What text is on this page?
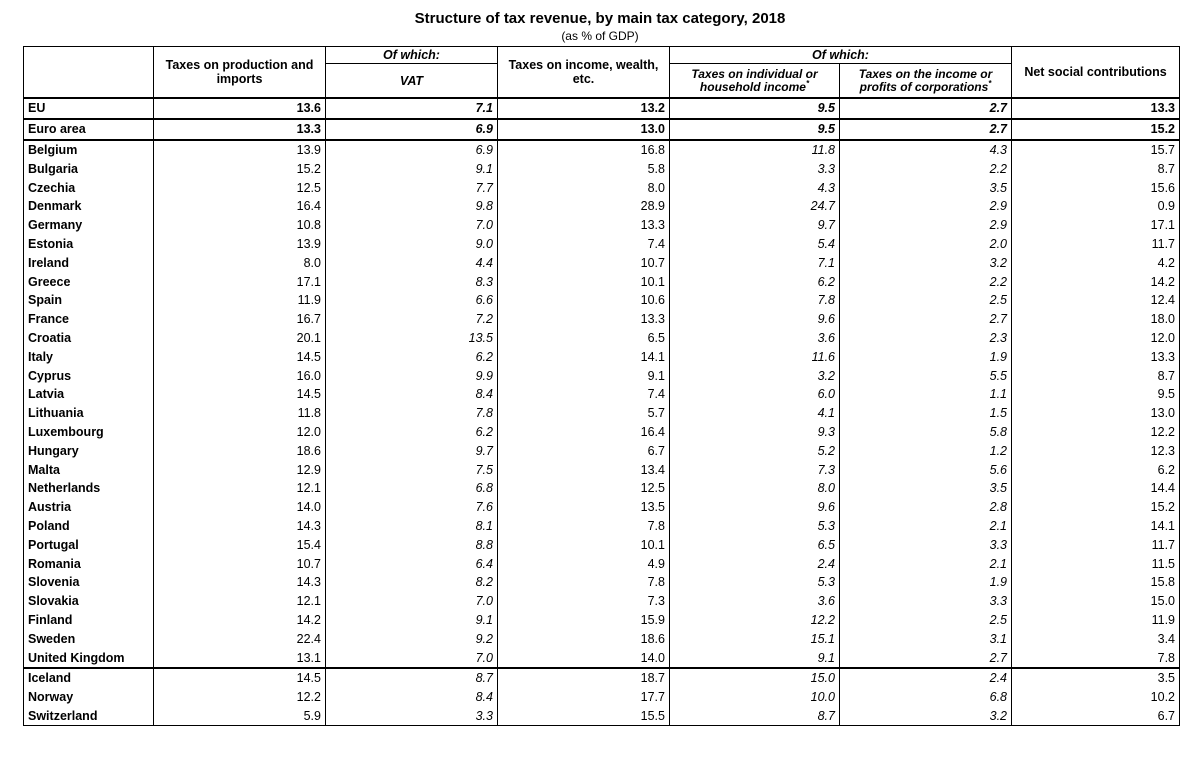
Structure of tax revenue, by main tax category, 2018
(as % of GDP)
	Taxes on production and imports	Of which:	Taxes on income, wealth, etc.	Of which:		Net social contributions
		VAT		Taxes on individual or household income*	Taxes on the income or profits of corporations*
EU	13.6	7.1	13.2	9.5	2.7	13.3
Euro area	13.3	6.9	13.0	9.5	2.7	15.2
Belgium	13.9	6.9	16.8	11.8	4.3	15.7
Bulgaria	15.2	9.1	5.8	3.3	2.2	8.7
Czechia	12.5	7.7	8.0	4.3	3.5	15.6
Denmark	16.4	9.8	28.9	24.7	2.9	0.9
Germany	10.8	7.0	13.3	9.7	2.9	17.1
Estonia	13.9	9.0	7.4	5.4	2.0	11.7
Ireland	8.0	4.4	10.7	7.1	3.2	4.2
Greece	17.1	8.3	10.1	6.2	2.2	14.2
Spain	11.9	6.6	10.6	7.8	2.5	12.4
France	16.7	7.2	13.3	9.6	2.7	18.0
Croatia	20.1	13.5	6.5	3.6	2.3	12.0
Italy	14.5	6.2	14.1	11.6	1.9	13.3
Cyprus	16.0	9.9	9.1	3.2	5.5	8.7
Latvia	14.5	8.4	7.4	6.0	1.1	9.5
Lithuania	11.8	7.8	5.7	4.1	1.5	13.0
Luxembourg	12.0	6.2	16.4	9.3	5.8	12.2
Hungary	18.6	9.7	6.7	5.2	1.2	12.3
Malta	12.9	7.5	13.4	7.3	5.6	6.2
Netherlands	12.1	6.8	12.5	8.0	3.5	14.4
Austria	14.0	7.6	13.5	9.6	2.8	15.2
Poland	14.3	8.1	7.8	5.3	2.1	14.1
Portugal	15.4	8.8	10.1	6.5	3.3	11.7
Romania	10.7	6.4	4.9	2.4	2.1	11.5
Slovenia	14.3	8.2	7.8	5.3	1.9	15.8
Slovakia	12.1	7.0	7.3	3.6	3.3	15.0
Finland	14.2	9.1	15.9	12.2	2.5	11.9
Sweden	22.4	9.2	18.6	15.1	3.1	3.4
United Kingdom	13.1	7.0	14.0	9.1	2.7	7.8
Iceland	14.5	8.7	18.7	15.0	2.4	3.5
Norway	12.2	8.4	17.7	10.0	6.8	10.2
Switzerland	5.9	3.3	15.5	8.7	3.2	6.7
